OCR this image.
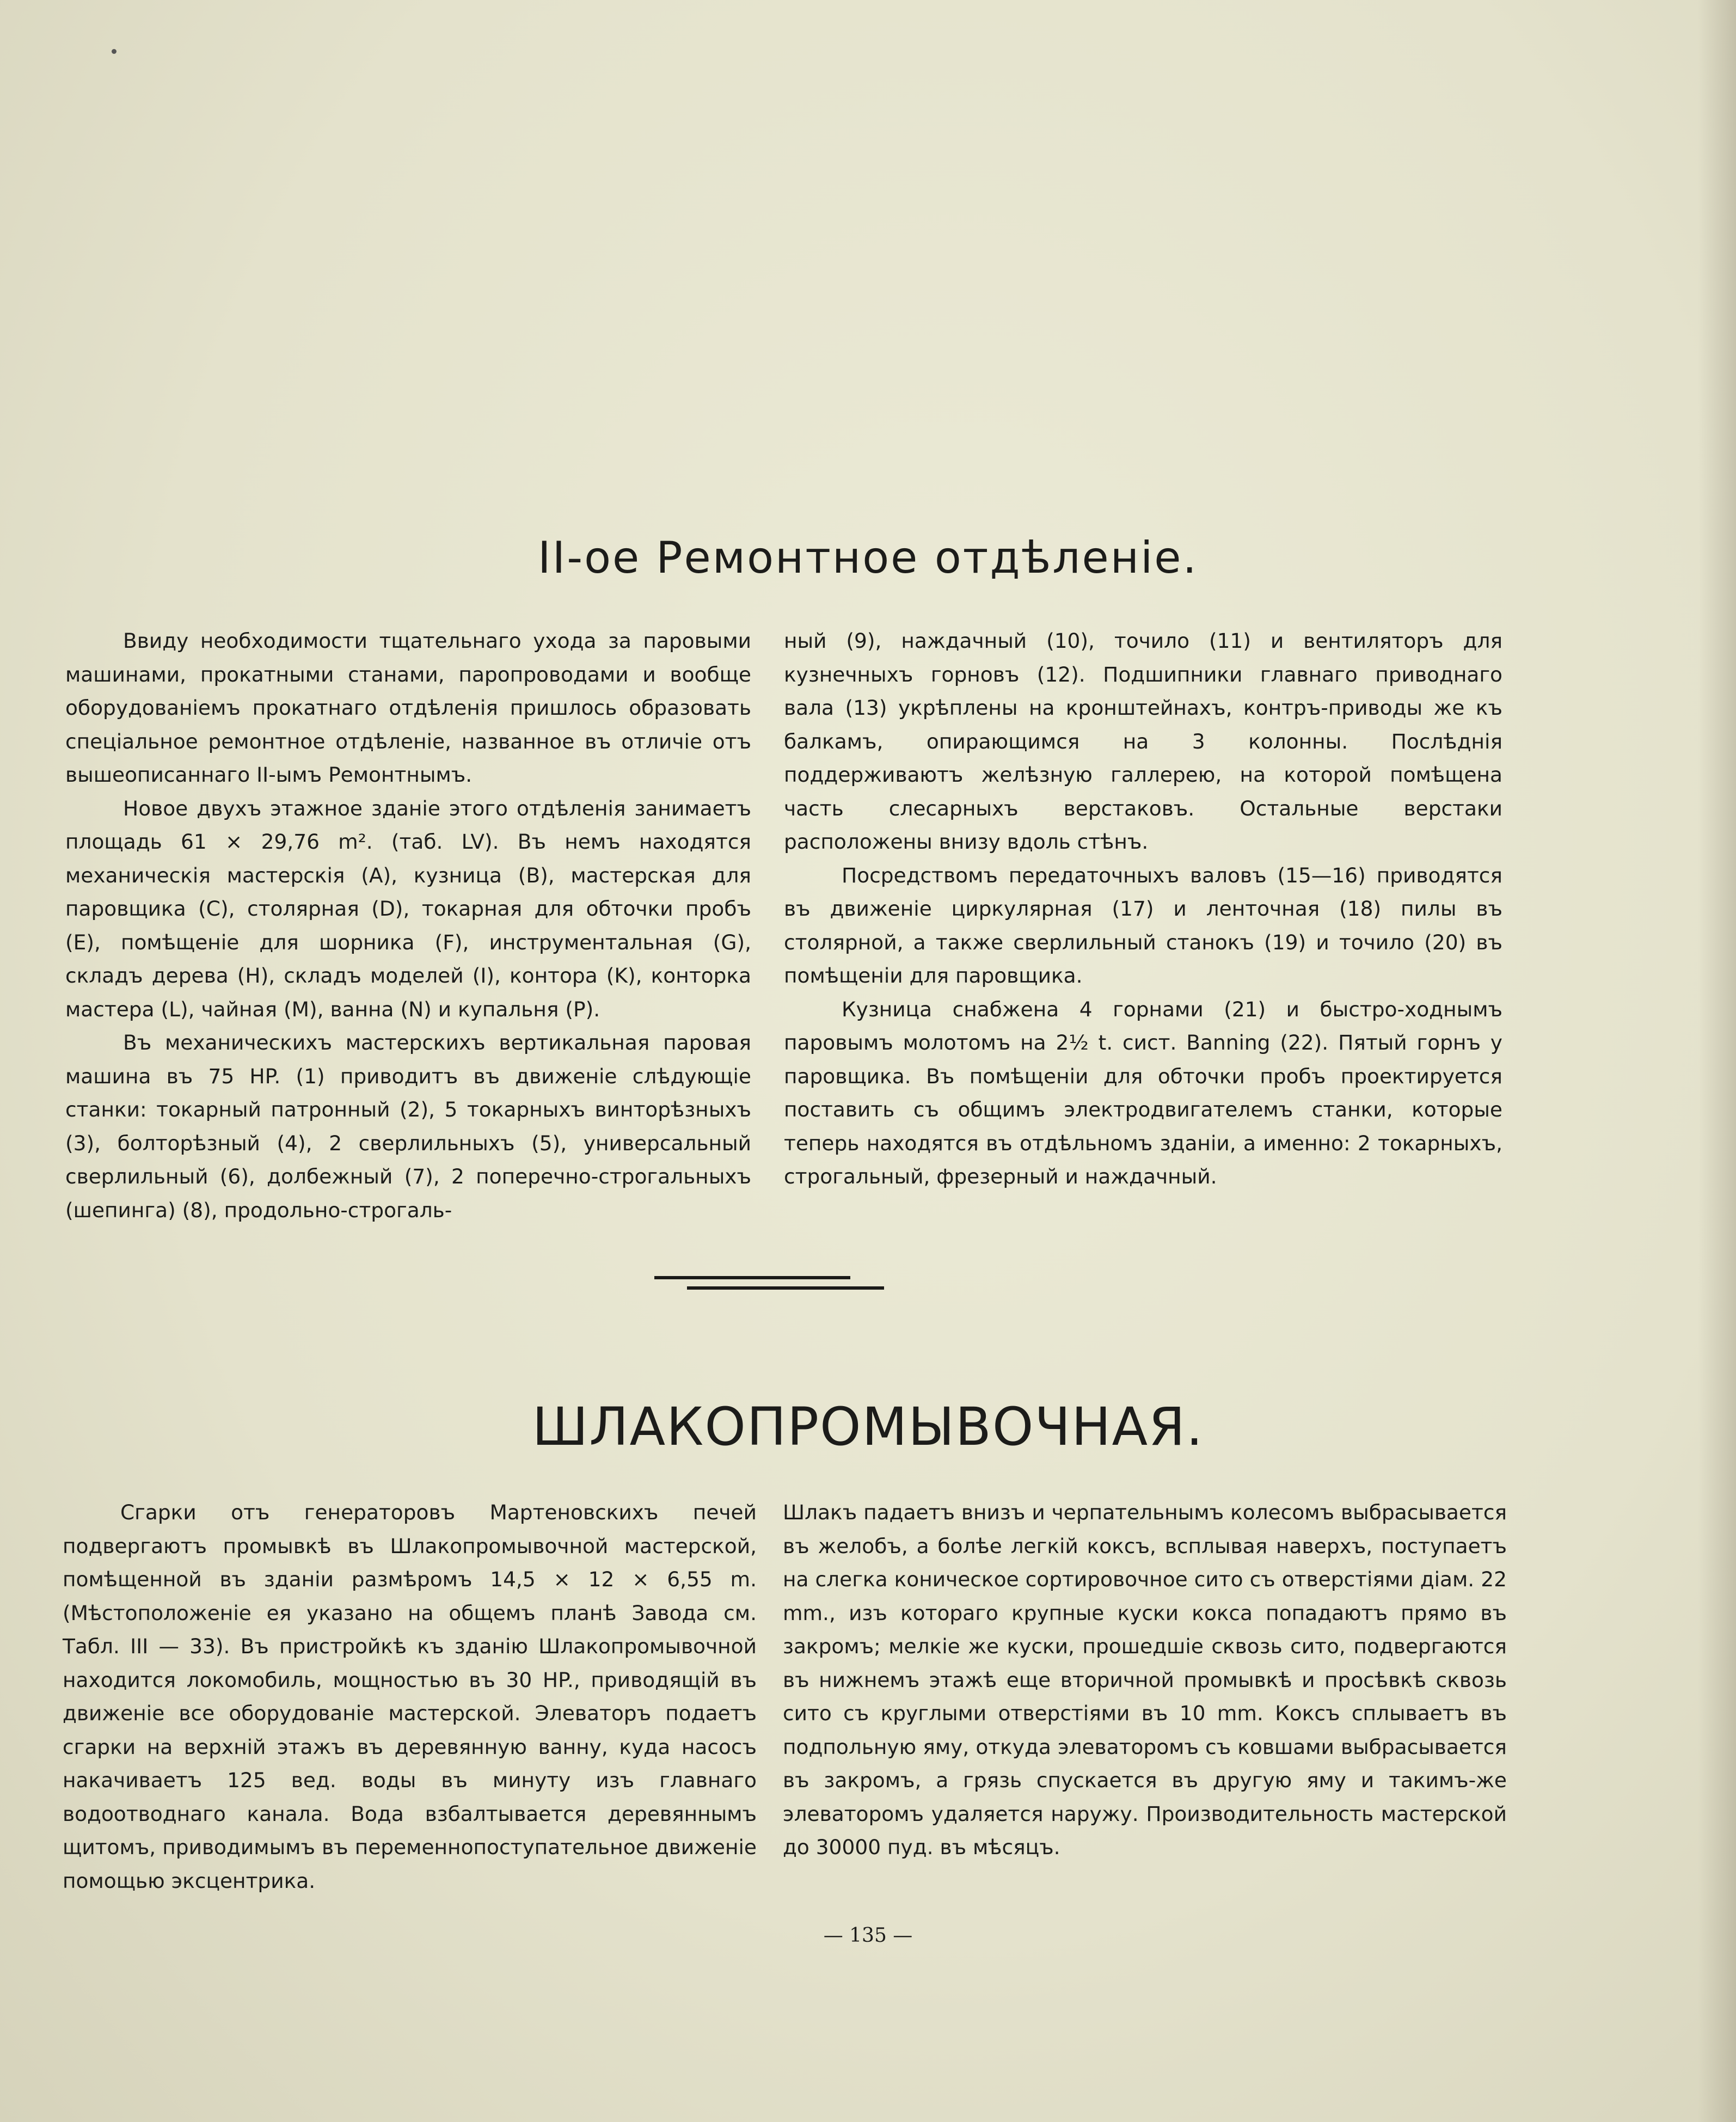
II-ое Ремонтное отдѣленіе.

Ввиду необходимости тщательнаго ухода за паровыми машинами, прокатными станами, паропроводами и вообще оборудованіемъ прокатнаго отдѣленія пришлось образовать спеціальное ремонтное отдѣленіе, названное въ отличіе отъ вышеописаннаго II-ымъ Ремонтнымъ.

Новое двухъ этажное зданіе этого отдѣленія занимаетъ площадь 61 × 29,76 m². (таб. LV). Въ немъ находятся механическія мастерскія (A), кузница (B), мастерская для паровщика (C), столярная (D), токарная для обточки пробъ (E), помѣщеніе для шорника (F), инструментальная (G), складъ дерева (H), складъ моделей (I), контора (K), конторка мастера (L), чайная (M), ванна (N) и купальня (P).

Въ механическихъ мастерскихъ вертикальная паровая машина въ 75 HP. (1) приводитъ въ движеніе слѣдующіе станки: токарный патронный (2), 5 токарныхъ винторѣзныхъ (3), болторѣзный (4), 2 сверлильныхъ (5), универсальный сверлильный (6), долбежный (7), 2 поперечно-строгальныхъ (шепинга) (8), продольно-строгаль-

ный (9), наждачный (10), точило (11) и вентиляторъ для кузнечныхъ горновъ (12). Подшипники главнаго приводнаго вала (13) укрѣплены на кронштейнахъ, контръ-приводы же къ балкамъ, опирающимся на 3 колонны. Послѣднія поддерживаютъ желѣзную галлерею, на которой помѣщена часть слесарныхъ верстаковъ. Остальные верстаки расположены внизу вдоль стѣнъ.

Посредствомъ передаточныхъ валовъ (15—16) приводятся въ движеніе циркулярная (17) и ленточная (18) пилы въ столярной, а также сверлильный станокъ (19) и точило (20) въ помѣщеніи для паровщика.

Кузница снабжена 4 горнами (21) и быстро-ходнымъ паровымъ молотомъ на 2½ t. сист. Banning (22). Пятый горнъ у паровщика. Въ помѣщеніи для обточки пробъ проектируется поставить съ общимъ электродвигателемъ станки, которые теперь находятся въ отдѣльномъ зданіи, а именно: 2 токарныхъ, строгальный, фрезерный и наждачный.

ШЛАКОПРОМЫВОЧНАЯ.

Сгарки отъ генераторовъ Мартеновскихъ печей подвергаютъ промывкѣ въ Шлакопромывочной мастерской, помѣщенной въ зданіи размѣромъ 14,5 × 12 × 6,55 m. (Мѣстоположеніе ея указано на общемъ планѣ Завода см. Табл. III — 33). Въ пристройкѣ къ зданію Шлакопромывочной находится локомобиль, мощностью въ 30 HP., приводящій въ движеніе все оборудованіе мастерской. Элеваторъ подаетъ сгарки на верхній этажъ въ деревянную ванну, куда насосъ накачиваетъ 125 вед. воды въ минуту изъ главнаго водоотводнаго канала. Вода взбалтывается деревяннымъ щитомъ, приводимымъ въ переменнопоступательное движеніе помощью эксцентрика.

Шлакъ падаетъ внизъ и черпательнымъ колесомъ выбрасывается въ желобъ, а болѣе легкій коксъ, всплывая наверхъ, поступаетъ на слегка коническое сортировочное сито съ отверстіями діам. 22 mm., изъ котораго крупные куски кокса попадаютъ прямо въ закромъ; мелкіе же куски, прошедшіе сквозь сито, подвергаются въ нижнемъ этажѣ еще вторичной промывкѣ и просѣвкѣ сквозь сито съ круглыми отверстіями въ 10 mm. Коксъ сплываетъ въ подпольную яму, откуда элеваторомъ съ ковшами выбрасывается въ закромъ, а грязь спускается въ другую яму и такимъ-же элеваторомъ удаляется наружу. Производительность мастерской до 30000 пуд. въ мѣсяцъ.

— 135 —
